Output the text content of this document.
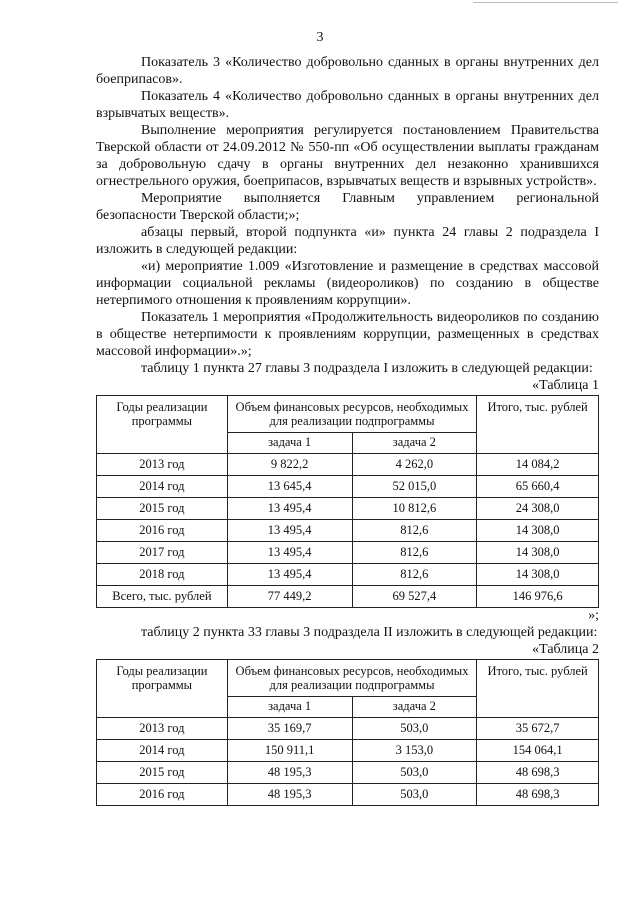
3

Показатель 3 «Количество добровольно сданных в органы внутренних дел боеприпасов».

Показатель 4 «Количество добровольно сданных в органы внутренних дел взрывчатых веществ».

Выполнение мероприятия регулируется постановлением Правительства Тверской области от 24.09.2012 № 550-пп «Об осуществлении выплаты гражданам за добровольную сдачу в органы внутренних дел незаконно хранившихся огнестрельного оружия, боеприпасов, взрывчатых веществ и взрывных устройств».

Мероприятие выполняется Главным управлением региональной безопасности Тверской области;»;

абзацы первый, второй подпункта «и» пункта 24 главы 2 подраздела I изложить в следующей редакции:

«и) мероприятие 1.009 «Изготовление и размещение в средствах массовой информации социальной рекламы (видеороликов) по созданию в обществе нетерпимого отношения к проявлениям коррупции».

Показатель 1 мероприятия «Продолжительность видеороликов по созданию в обществе нетерпимости к проявлениям коррупции, размещенных в средствах массовой информации».»;

таблицу 1 пункта 27 главы 3 подраздела I изложить в следующей редакции:

«Таблица 1
Годы реализации программы	Объем финансовых ресурсов, необходимых для реализации подпрограммы		Итого, тыс. рублей
	задача 1	задача 2	
2013 год	9 822,2	4 262,0	14 084,2
2014 год	13 645,4	52 015,0	65 660,4
2015 год	13 495,4	10 812,6	24 308,0
2016 год	13 495,4	812,6	14 308,0
2017 год	13 495,4	812,6	14 308,0
2018 год	13 495,4	812,6	14 308,0
Всего, тыс. рублей	77 449,2	69 527,4	146 976,6
»;

таблицу 2 пункта 33 главы 3 подраздела II изложить в следующей редакции:

«Таблица 2
Годы реализации программы	Объем финансовых ресурсов, необходимых для реализации подпрограммы		Итого, тыс. рублей
	задача 1	задача 2	
2013 год	35 169,7	503,0	35 672,7
2014 год	150 911,1	3 153,0	154 064,1
2015 год	48 195,3	503,0	48 698,3
2016 год	48 195,3	503,0	48 698,3
